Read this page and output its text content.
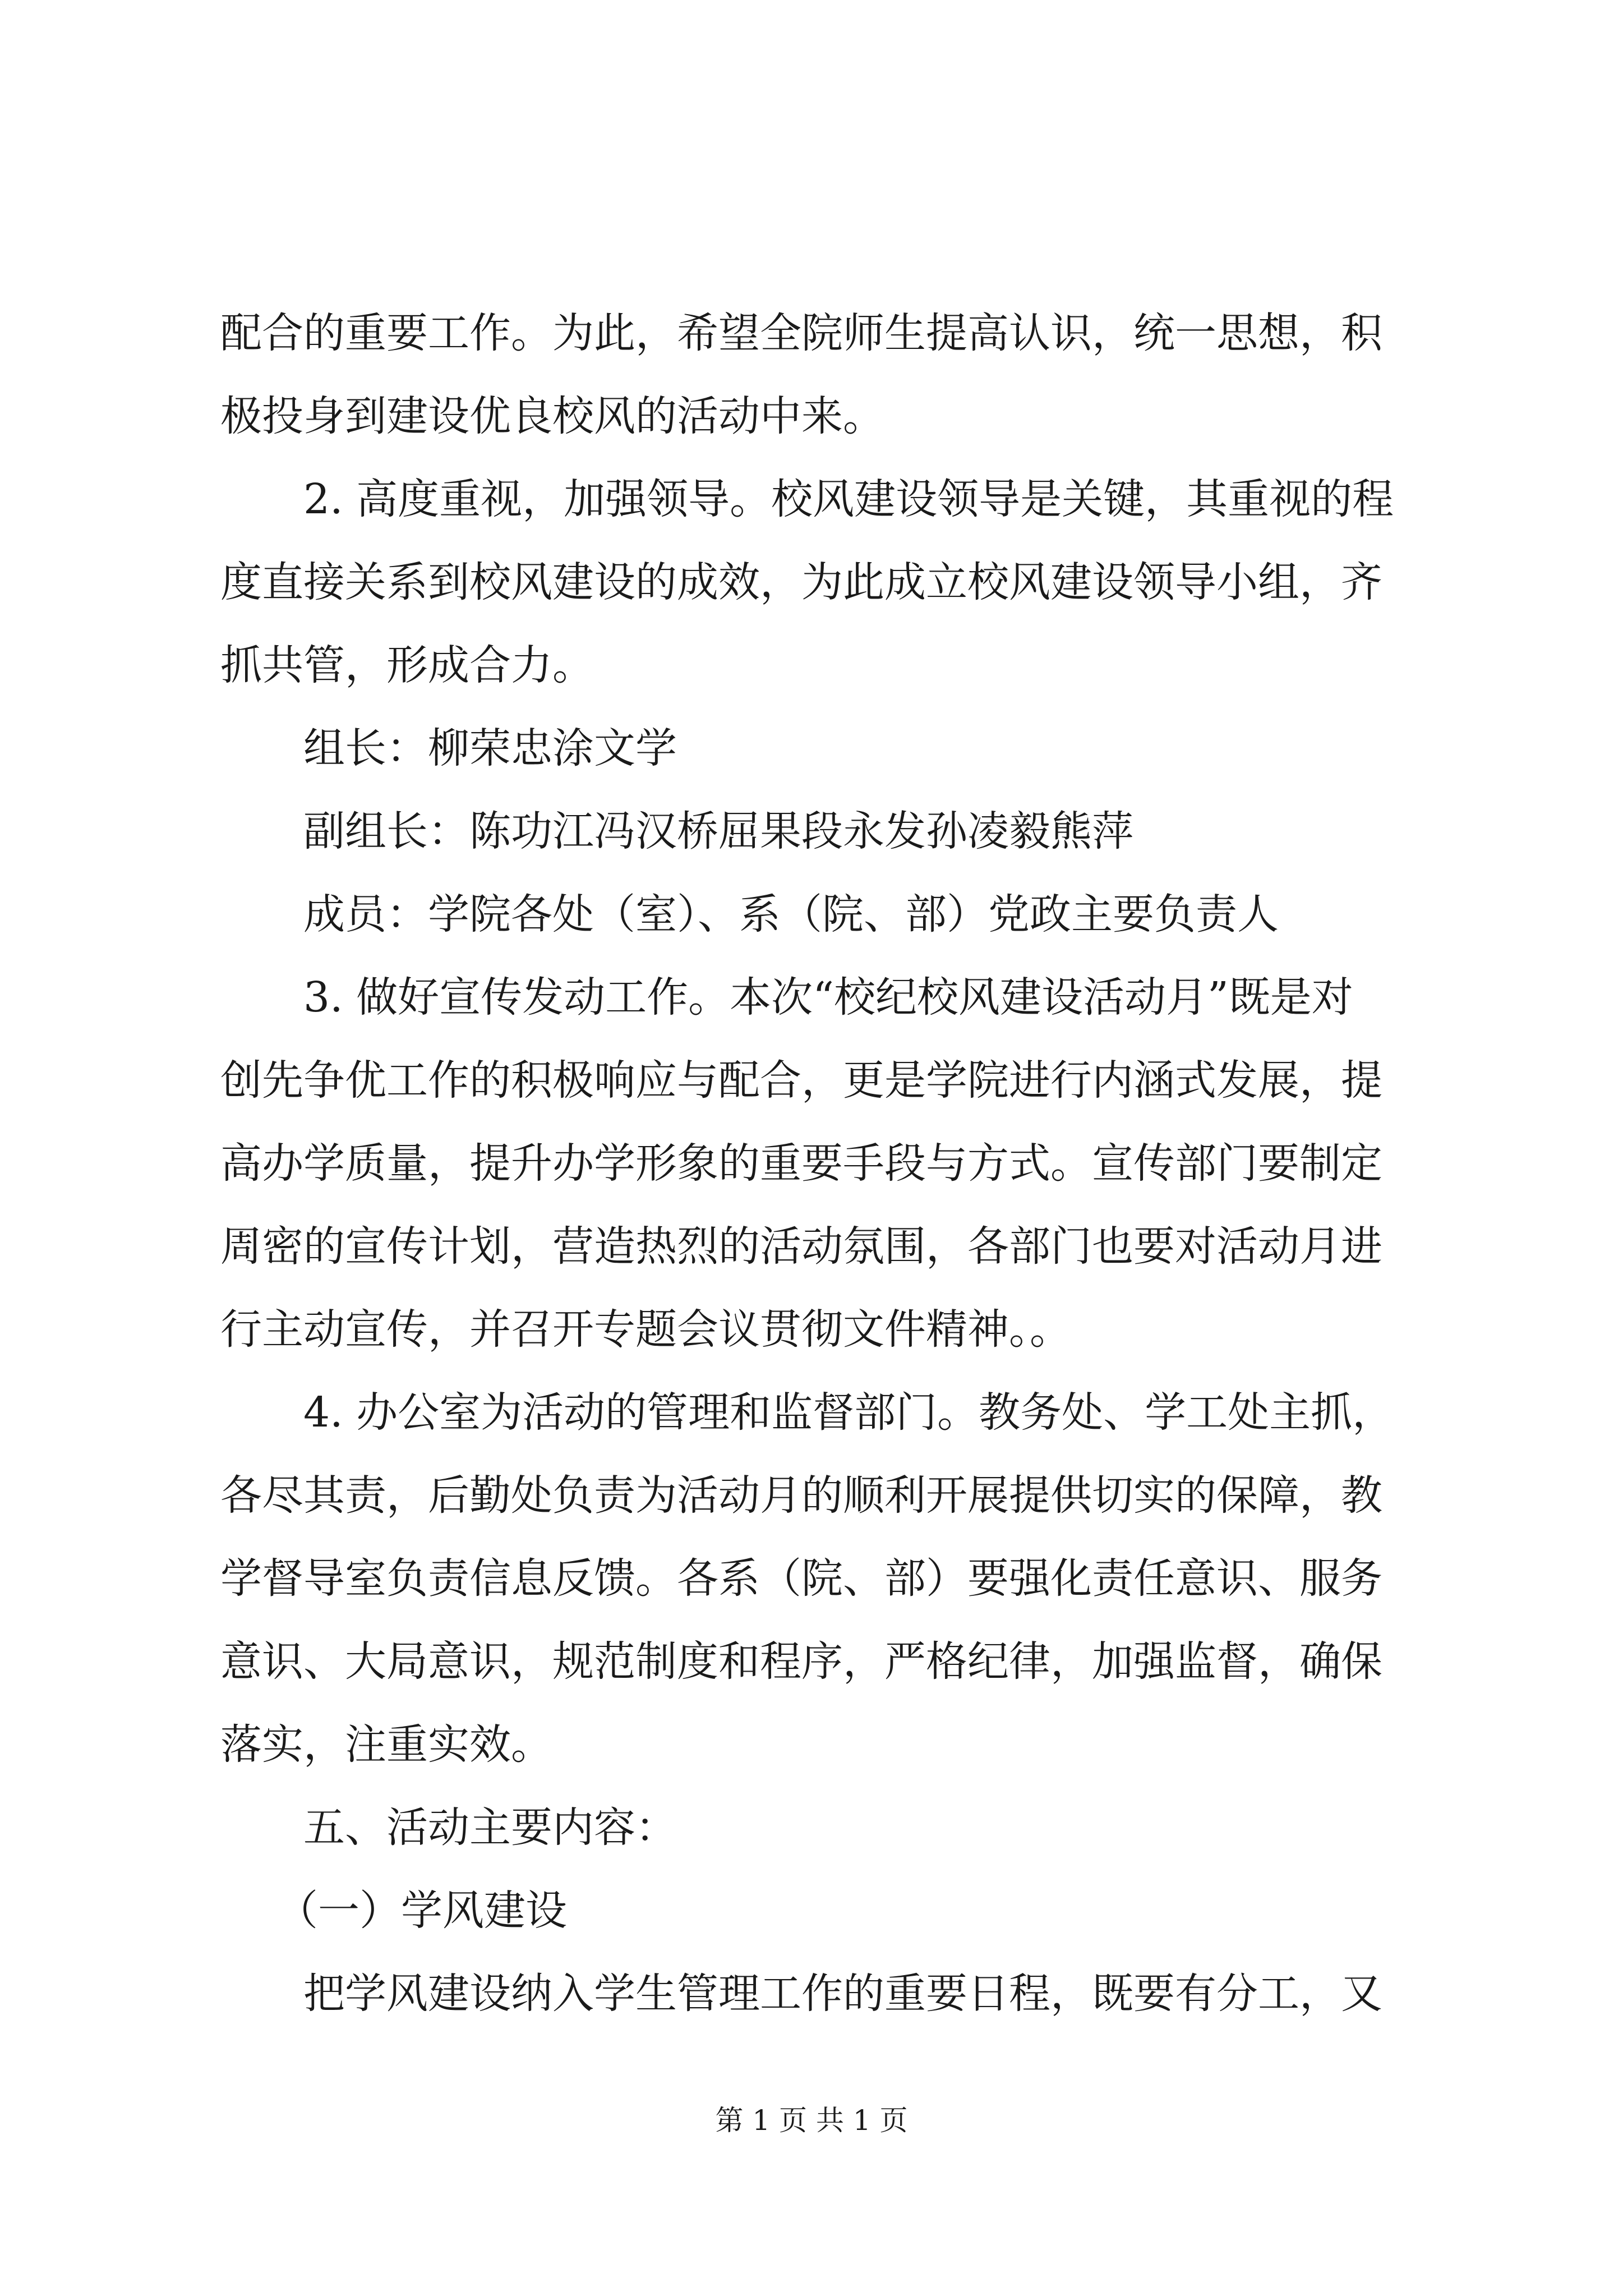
配合的重要工作。为此，希望全院师生提高认识，统一思想，积
极投身到建设优良校风的活动中来。
2. 高度重视，加强领导。校风建设领导是关键，其重视的程
度直接关系到校风建设的成效，为此成立校风建设领导小组，齐
抓共管，形成合力。
组长：柳荣忠涂文学
副组长：陈功江冯汉桥屈果段永发孙凌毅熊萍
成员：学院各处（室）、系（院、部）党政主要负责人
3. 做好宣传发动工作。本次“校纪校风建设活动月”既是对
创先争优工作的积极响应与配合，更是学院进行内涵式发展，提
高办学质量，提升办学形象的重要手段与方式。宣传部门要制定
周密的宣传计划，营造热烈的活动氛围，各部门也要对活动月进
行主动宣传，并召开专题会议贯彻文件精神。。
4. 办公室为活动的管理和监督部门。教务处、学工处主抓，
各尽其责，后勤处负责为活动月的顺利开展提供切实的保障，教
学督导室负责信息反馈。各系（院、部）要强化责任意识、服务
意识、大局意识，规范制度和程序，严格纪律，加强监督，确保
落实，注重实效。
五、活动主要内容：
（一）学风建设
把学风建设纳入学生管理工作的重要日程，既要有分工，又
第 1 页 共 1 页
